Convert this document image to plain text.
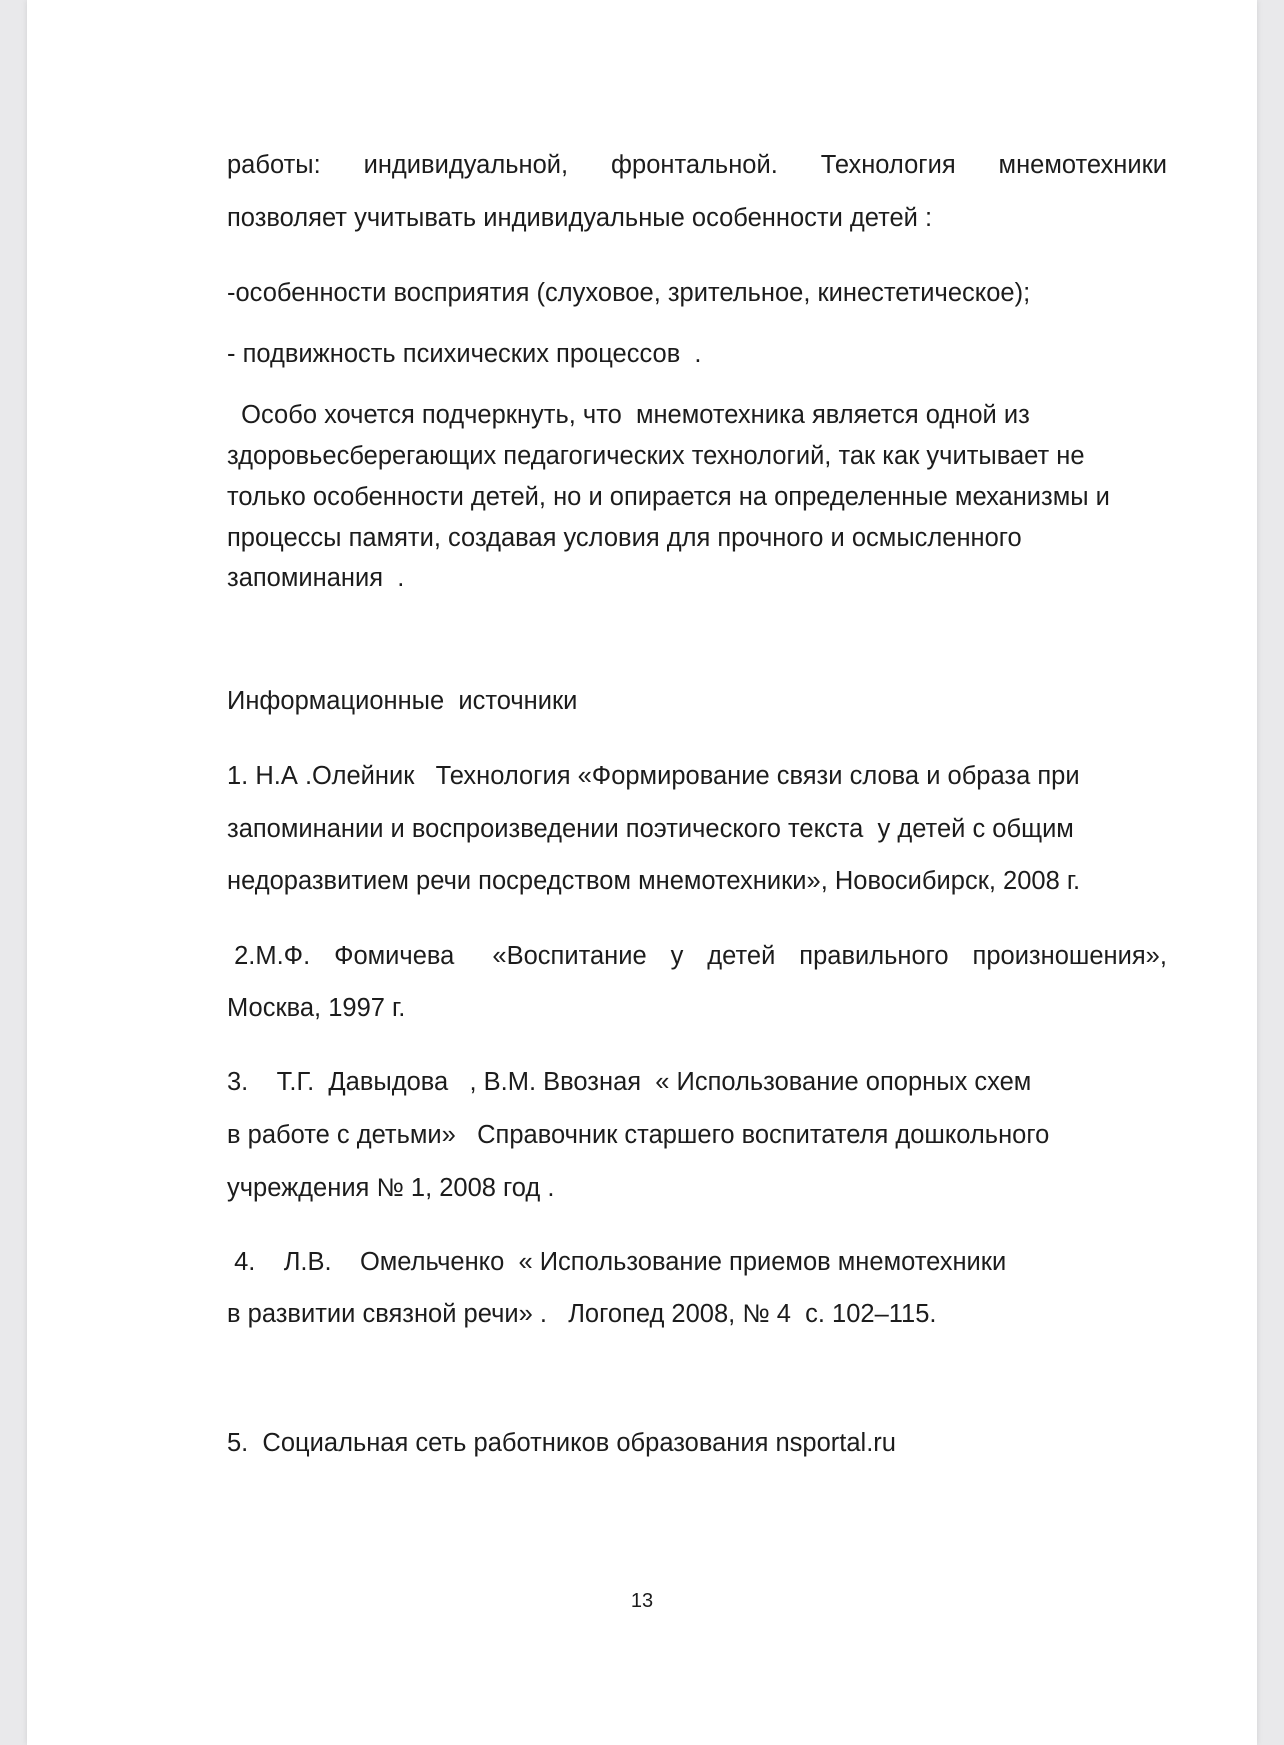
работы: индивидуальной, фронтальной. Технология мнемотехники
позволяет учитывать индивидуальные особенности детей :
-особенности восприятия (слуховое, зрительное, кинестетическое);
- подвижность психических процессов  .
Особо хочется подчеркнуть, что  мнемотехника является одной из
здоровьесберегающих педагогических технологий, так как учитывает не
только особенности детей, но и опирается на определенные механизмы и
процессы памяти, создавая условия для прочного и осмысленного
запоминания  .
Информационные  источники
1. Н.А .Олейник   Технология «Формирование связи слова и образа при
запоминании и воспроизведении поэтического текста  у детей с общим
недоразвитием речи посредством мнемотехники», Новосибирск, 2008 г.
2.М.Ф. Фомичева «Воспитание у детей правильного произношения»,
Москва, 1997 г.
3.    Т.Г.  Давыдова   , В.М. Ввозная  « Использование опорных схем
в работе с детьми»   Справочник старшего воспитателя дошкольного
учреждения № 1, 2008 год .
4.    Л.В.    Омельченко  « Использование приемов мнемотехники
в развитии связной речи» .   Логопед 2008, № 4  с. 102–115.
5.  Социальная сеть работников образования nsportal.ru
13
